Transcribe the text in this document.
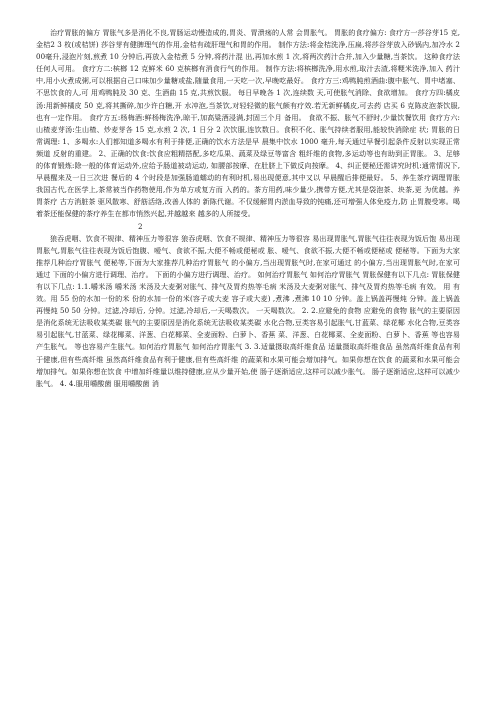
治疗胃胀的偏方 胃胀气多是消化不良,胃肠运动慢造成的,胃炎、胃溃疡的人常 会胃胀气。 胃胀的食疗偏方: 食疗方一莎谷芽15 克,金桔2 3 枚(或桔饼) 莎谷芽有健脾理气的作用,金桔有疏肝理气和胃的作用。 制作方法:将金桔洗净,压扁,将莎谷芽放入砂锅内,加冷水 200毫升,浸泡片刻,煎煮 10 分钟后,再放入金桔煮 5 分钟,将药汁混 出,再加水煎 1 次,将两次药汁合并,加入少量糖,当茶饮。 这种食疗法任何人可用。 食疗方二:槟榔 12 克鲜米 60 克槟榔有消食行气的作用。 制作方法:将槟榔洗净,用水煎,取汁去渣,将粳米洗净,加入 药汁中,用小火煮成粥,可以根据自己口味加少量糖或盐,随量食用,一天吃一次,早晚吃最好。 食疗方三:鸡鸭肫煎酒曲:腹中胀气、胃中堵塞、不思饮食的人,可 用鸡鸭肫及 30 克、生酒曲 15 克,共煎饮服。 每日早晚各 1 次,连续数 天,可使胀气消除、食欲增加。 食疗方四:橘皮汤:用新鲜橘皮 50 克,将其撕碎,加少许白糖,开 水冲泡,当茶饮,对轻轻微的胀气颇有疗效.若无新鲜橘皮,可去药 店买 6 克陈皮泡茶饮服,也有一定作用。 食疗方五:杨梅酒:鲜杨梅洗净,晾干,加高粱酒浸满,封固三个月 备用。 食欲不振、胀气不舒时,少量饮餐饮用 食疗方六:山楂麦芽汤:生山楂、炒麦芽各 15 克,水煎 2 次, 1 日分 2 次饮服,连饮数日。食积不化、胀气持续者服用,能较快消除症 状; 胃胀的日常调理: 1、多喝水:人们都知道多喝水有利于排便,正确的饮水方法是早 晨集中饮水 1000 毫升,每天通过早餐引起条件反射以实现正常频道 反射的重建。 2、正确的饮食:饮食应粗精搭配,多吃瓜果、蔬菜及绿豆等富含 粗纤维的食物,多运动等也有助到正胃胀。 3、足够的体育锻炼:除一般的体育运动外,应给予肠道被动运动, 如腰部按摩、在肚脐上下做反向按摩。 4、纠正便秘还需讲究时机:通常情况下,早晨醒来及一日三次进 餐后的 4 个时段是加强肠道蠕动的有利时机,易出现便意,其中又以 早晨醒后排便最好。 5、养生茶疗调理胃胀 我国古代,在医学上,茶常被当作药物使用,作为单方或复方而 入药的。茶方用药,味少量少,携带方便,尤其是袋泡茶、块茶,更 为优越。养胃茶疗 古方消脏茶 驱风散寒、舒筋活络,改善人体的 新陈代谢。不仅缓解胃内淤血导致的钝痛,还可增强人体免疫力,防 止胃腹受寒。喝着茶还能保健的茶疗养生在都市悄然兴起,并越越来 越多的人所接受。

2

狼吞虎咽、饮食不规律、精神压力等很容 狼吞虎咽、饮食不规律、精神压力等很容 易出现胃胀气,胃胀气往往表现为饭后饱 易出现胃胀气,胃胀气往往表现为饭后饱腹、嗳气、食欲不振,大便不畅或便秘或 胀、嗳气、食欲不振,大便不畅或便秘或 便秘等。下面为大家推荐几种治疗胃胀气 便秘等,下面为大家推荐几种治疗胃胀气 的小偏方,当出现胃胀气时,在家可通过 的小偏方,当出现胃胀气时,在家可通过 下面的小偏方进行调理、治疗。 下面的小偏方进行调理、治疗。 如何治疗胃胀气 如何治疗胃胀气 胃胀保健有以下几点: 胃胀保健有以下几点: 1.1.嚼米汤 嚼米汤 米汤及大麦粥对胀气、排气及胃灼热等毛病 米汤及大麦粥对胀气、排气及胃灼热等毛病 有效。 用 有效。用 55 份的水加一份的米 份的水加一份的米(容子或大麦 容子或大麦) ,煮沸 ,煮沸 10 10 分钟。盖上锅盖再慢炖 分钟。盖上锅盖再慢炖 50 50 分钟。过滤,冷却后, 分钟。过滤,冷却后,一天喝数次。 一天喝数次。 2. 2.应避免的食物 应避免的食物 胀气的主要原因是消化系统无法吸收某类碳 胀气的主要原因是消化系统无法吸收某类碳 水化合物,豆类容易引起胀气,甘蓝菜、绿花椰 水化合物,豆类容易引起胀气,甘蓝菜、绿花椰菜、洋葱、白花椰菜、全麦面粉、白萝卜、香蕉 菜、洋葱、白花椰菜、全麦面粉、白萝卜、香蕉 等也容易产生胀气。 等也容易产生胀气。如何治疗胃胀气 如何治疗胃胀气 3. 3.适量摄取高纤维食品 适量摄取高纤维食品 虽然高纤维食品有利于健康,但有些高纤维 虽然高纤维食品有利于健康,但有些高纤维 的蔬菜和水果可能会增加排气。如果你想在饮食 的蔬菜和水果可能会增加排气。如果你想在饮食 中增加纤维量以维持健康,应从少量开始,使 肠子逐渐适应,这样可以减少胀气。 肠子逐渐适应,这样可以减少胀气。 4. 4.服用嚼酸菌 服用嚼酸菌 消
